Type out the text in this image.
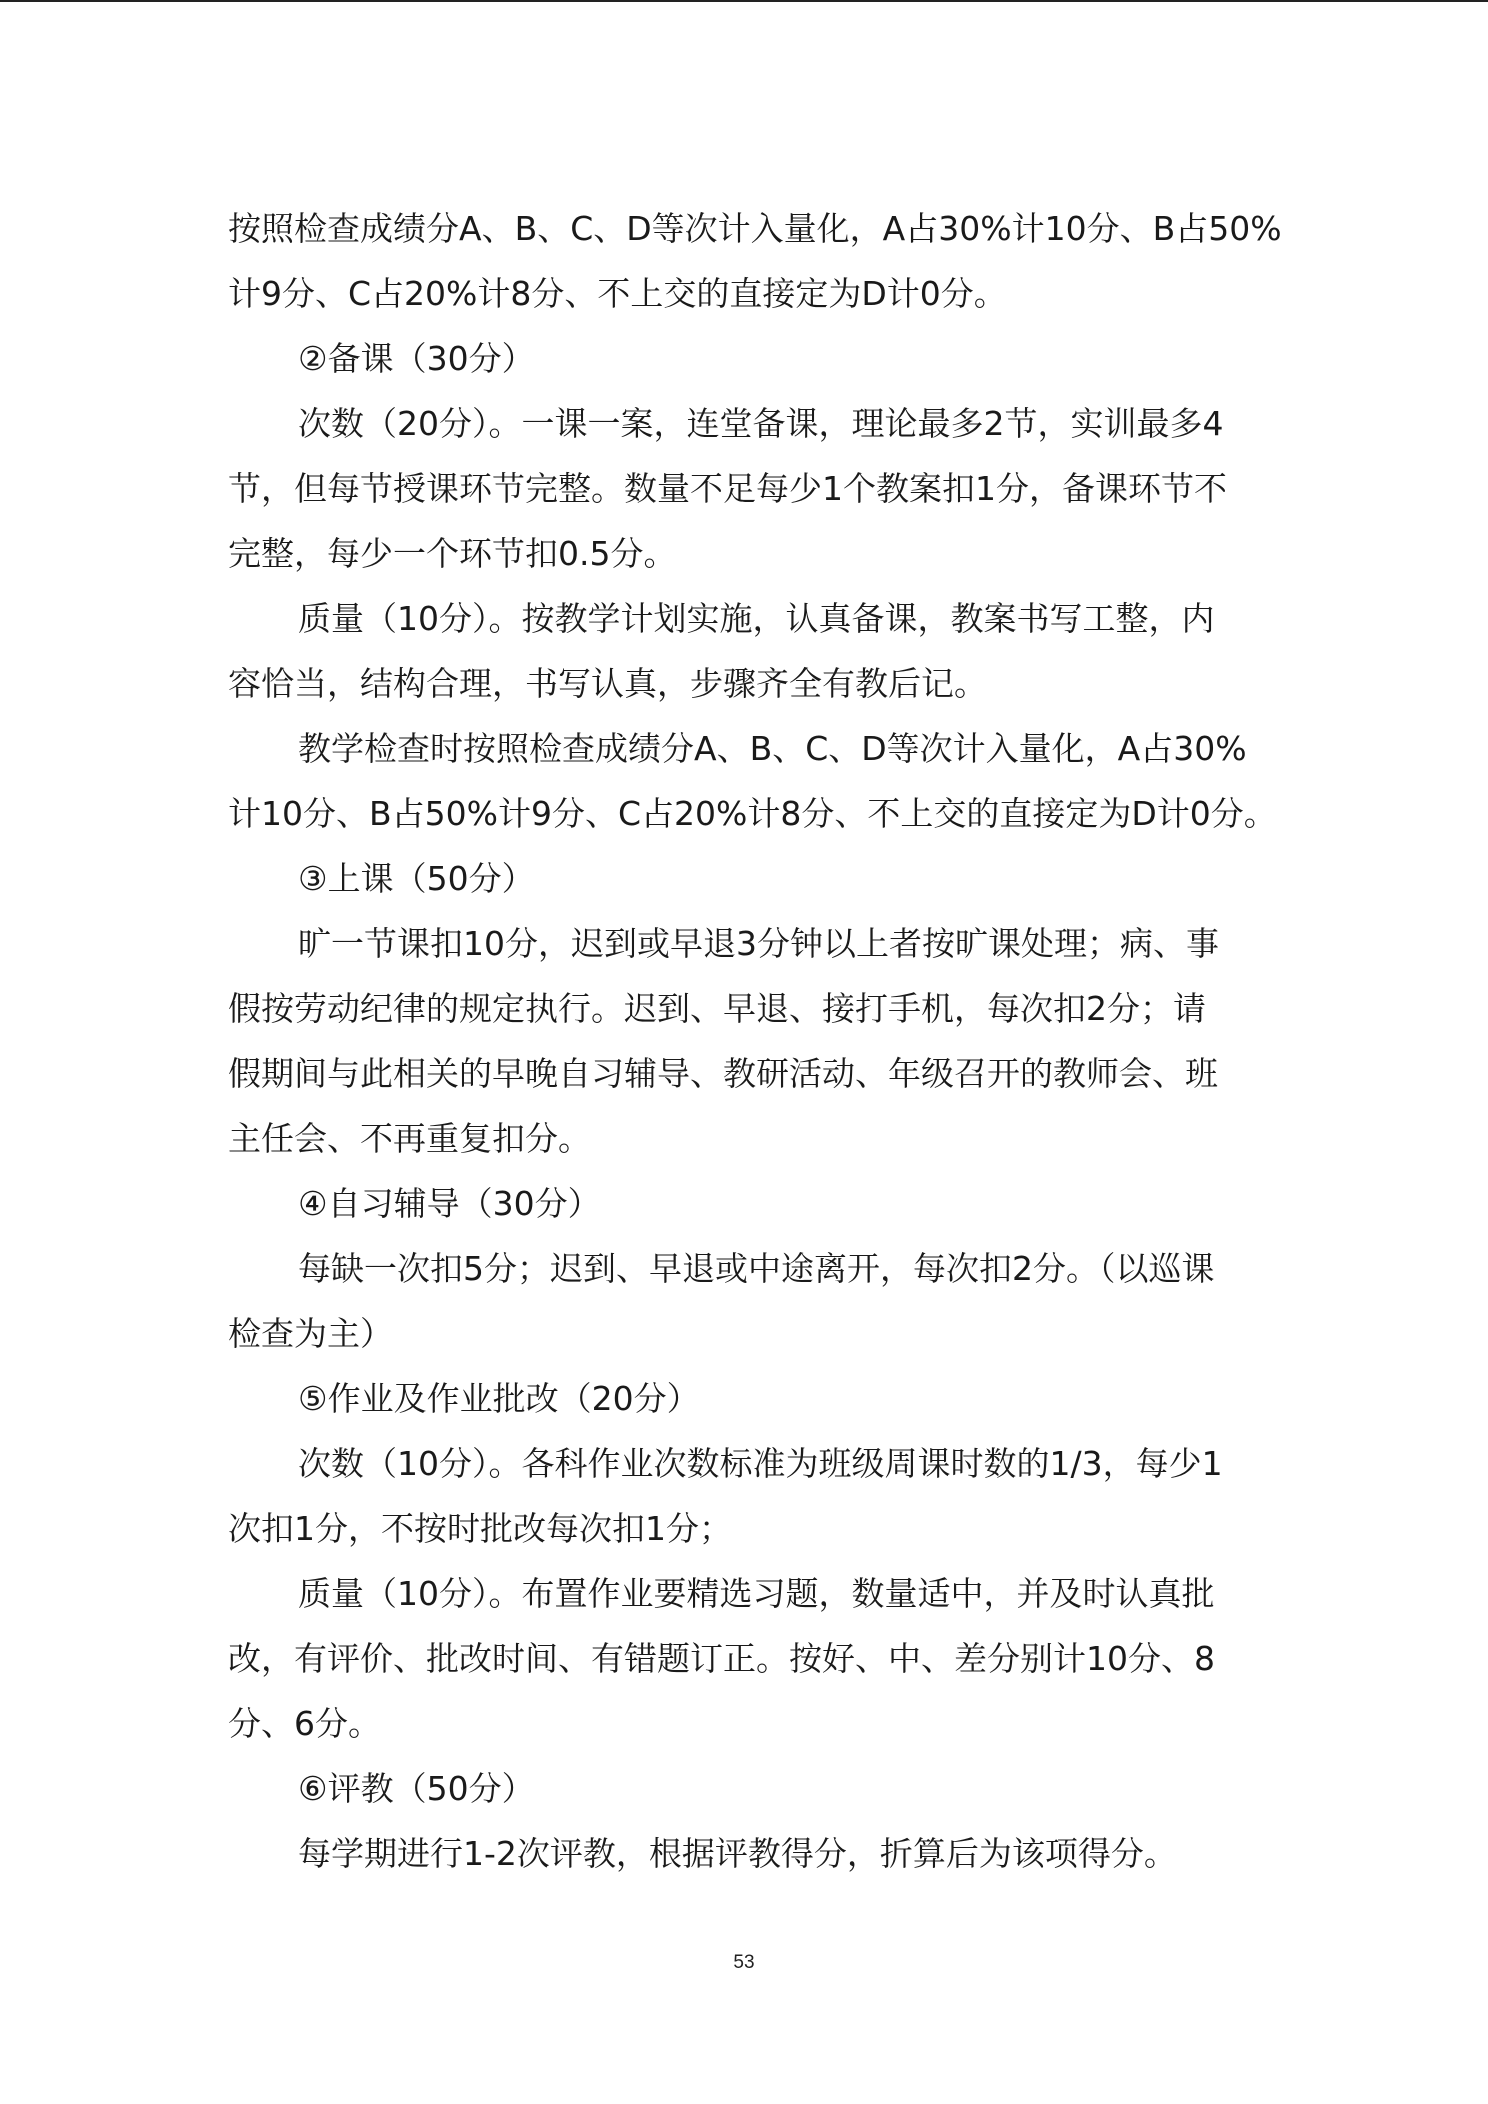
按照检查成绩分A、B、C、D等次计入量化，A占30%计10分、B占50%
计9分、C占20%计8分、不上交的直接定为D计0分。
②备课（30分）
次数（20分）。一课一案，连堂备课，理论最多2节，实训最多4
节，但每节授课环节完整。数量不足每少1个教案扣1分，备课环节不
完整，每少一个环节扣0.5分。
质量（10分）。按教学计划实施，认真备课，教案书写工整，内
容恰当，结构合理，书写认真，步骤齐全有教后记。
教学检查时按照检查成绩分A、B、C、D等次计入量化，A占30%
计10分、B占50%计9分、C占20%计8分、不上交的直接定为D计0分。
③上课（50分）
旷一节课扣10分，迟到或早退3分钟以上者按旷课处理；病、事
假按劳动纪律的规定执行。迟到、早退、接打手机，每次扣2分；请
假期间与此相关的早晚自习辅导、教研活动、年级召开的教师会、班
主任会、不再重复扣分。
④自习辅导（30分）
每缺一次扣5分；迟到、早退或中途离开，每次扣2分。（以巡课
检查为主）
⑤作业及作业批改（20分）
次数（10分）。各科作业次数标准为班级周课时数的1/3，每少1
次扣1分，不按时批改每次扣1分；
质量（10分）。布置作业要精选习题，数量适中，并及时认真批
改，有评价、批改时间、有错题订正。按好、中、差分别计10分、8
分、6分。
⑥评教（50分）
每学期进行1-2次评教，根据评教得分，折算后为该项得分。
53
